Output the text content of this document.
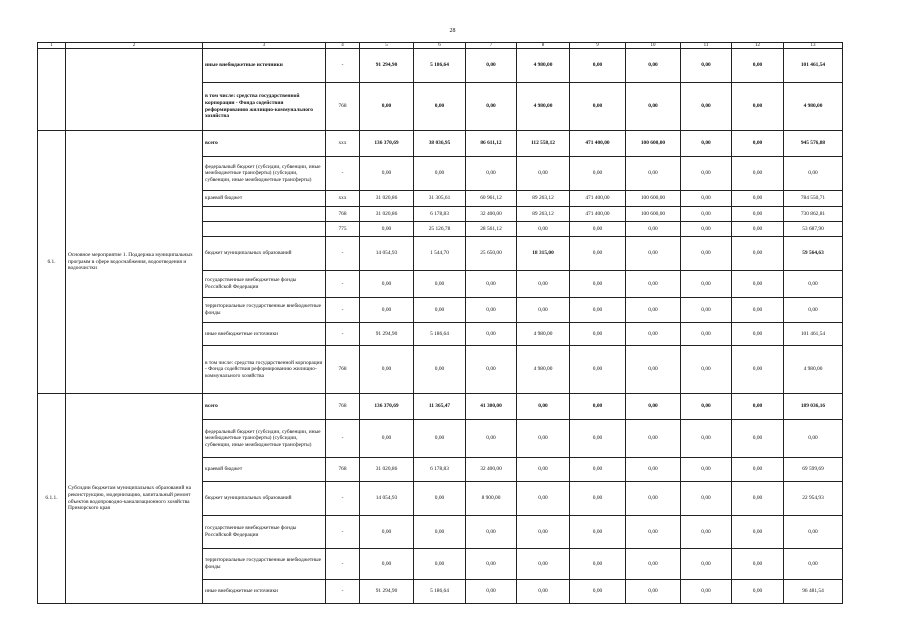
28
1	2	3	4	5	6	7	8	9	10	11	12	13
		иные внебюджетные источники	-	91 294,90	5 186,64	0,00	4 980,00	0,00	0,00	0,00	0,00	101 461,54
		в том числе: средства государственной корпорации - Фонда содействия реформированию жилищно-коммунального хозяйства	768	0,00	0,00	0,00	4 980,00	0,00	0,00	0,00	0,00	4 980,00
6.1.	Основное мероприятие 1. Поддержка муниципальных программ в сфере водоснабжения, водоотведения и водоочистки	всего	ххх	136 370,69	38 036,95	86 611,12	112 558,12	471 400,00	100 600,00	0,00	0,00	945 576,88
		федеральный бюджет (субсидии, субвенции, иные межбюджетные трансферты) (субсидии, субвенции, иные межбюджетные трансферты)	-	0,00	0,00	0,00	0,00	0,00	0,00	0,00	0,00	0,00
		краевой бюджет	ххх	31 020,86	31 305,61	60 961,12	89 263,12	471 400,00	100 600,00	0,00	0,00	784 550,71
			768	31 020,86	6 178,83	32 400,00	89 263,12	471 400,00	100 600,00	0,00	0,00	730 862,81
			775	0,00	25 126,78	28 561,12	0,00	0,00	0,00	0,00	0,00	53 687,90
		бюджет муниципальных образований	-	14 054,93	1 544,70	25 650,00	18 315,00	0,00	0,00	0,00	0,00	59 564,63
		государственные внебюджетные фонды Российской Федерации	-	0,00	0,00	0,00	0,00	0,00	0,00	0,00	0,00	0,00
		территориальные государственные внебюджетные фонды	-	0,00	0,00	0,00	0,00	0,00	0,00	0,00	0,00	0,00
		иные внебюджетные источники	-	91 294,90	5 186,64	0,00	4 980,00	0,00	0,00	0,00	0,00	101 461,54
		в том числе: средства государственной корпорации - Фонда содействия реформированию жилищно-коммунального хозяйства	768	0,00	0,00	0,00	4 980,00	0,00	0,00	0,00	0,00	4 980,00
6.1.1.	Субсидии бюджетам муниципальных образований на реконструкцию, модернизацию, капитальный ремонт объектов водопроводно-канализационного хозяйства Приморского края	всего	768	136 370,69	11 365,47	41 300,00	0,00	0,00	0,00	0,00	0,00	189 036,16
		федеральный бюджет (субсидии, субвенции, иные межбюджетные трансферты) (субсидии, субвенции, иные межбюджетные трансферты)	-	0,00	0,00	0,00	0,00	0,00	0,00	0,00	0,00	0,00
		краевой бюджет	768	31 020,86	6 178,83	32 400,00	0,00	0,00	0,00	0,00	0,00	69 599,69
		бюджет муниципальных образований	-	14 054,93	0,00	8 900,00	0,00	0,00	0,00	0,00	0,00	22 954,93
		государственные внебюджетные фонды Российской Федерации	-	0,00	0,00	0,00	0,00	0,00	0,00	0,00	0,00	0,00
		территориальные государственные внебюджетные фонды	-	0,00	0,00	0,00	0,00	0,00	0,00	0,00	0,00	0,00
		иные внебюджетные источники	-	91 294,90	5 186,64	0,00	0,00	0,00	0,00	0,00	0,00	96 481,54
